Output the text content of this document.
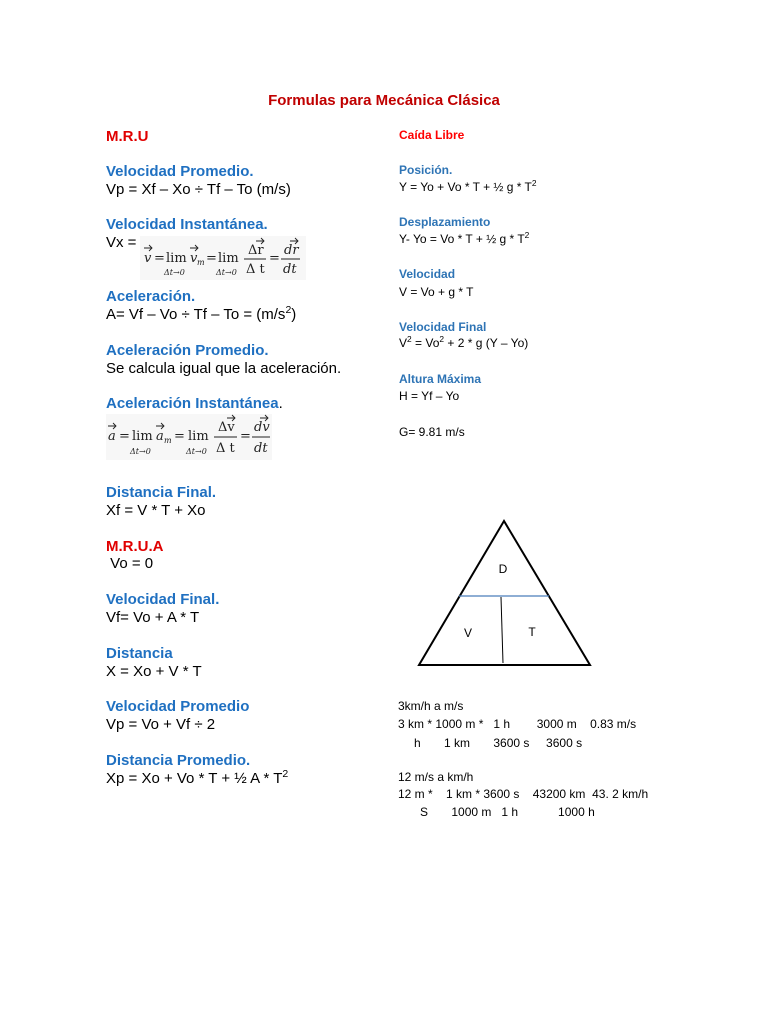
Formulas para Mecánica Clásica
M.R.U
Velocidad Promedio.
Vp = Xf – Xo ÷ Tf – To (m/s)
Velocidad Instantánea.
Vx =
v = lim
Δt→0
v m = lim
Δt→0
Δr
Δ t
=
dr
dt
Aceleración.
$A= Vf - Vo \div Tf - To = (m/s^2)$
Aceleración Promedio.
Se calcula igual que la aceleración.
Aceleración Instantánea.
a = lim
Δt→0
a m = lim
Δt→0
Δv
Δ t
=
dv
dt
Distancia Final.
Xf = V * T + Xo
M.R.U.A
Vo = 0
Velocidad Final.
Vf= Vo + A * T
Distancia
X = Xo + V * T
Velocidad Promedio
Vp = Vo + Vf ÷ 2
Distancia Promedio.
Xp = Xo + Vo * T + ½ A * $T^2$
Caída Libre
Posición.
Y = Yo + Vo * T + ½ g * $T^2$
Desplazamiento
Y- Yo = Vo * T + ½ g * $T^2$
Velocidad
V = Vo + g * T
Velocidad Final
$V^2 = Vo^2 + 2 * g$ (Y – Yo)
Altura Máxima
H = Yf – Yo
G= 9.81 m/s
D
V	T
3km/h a m/s
3 km * 1000 m *   1 h        3000 m    0.83 m/s
h       1 km       3600 s     3600 s
12 m/s a km/h
12 m *    1 km * 3600 s    43200 km  43. 2 km/h
S       1000 m   1 h            1000 h
